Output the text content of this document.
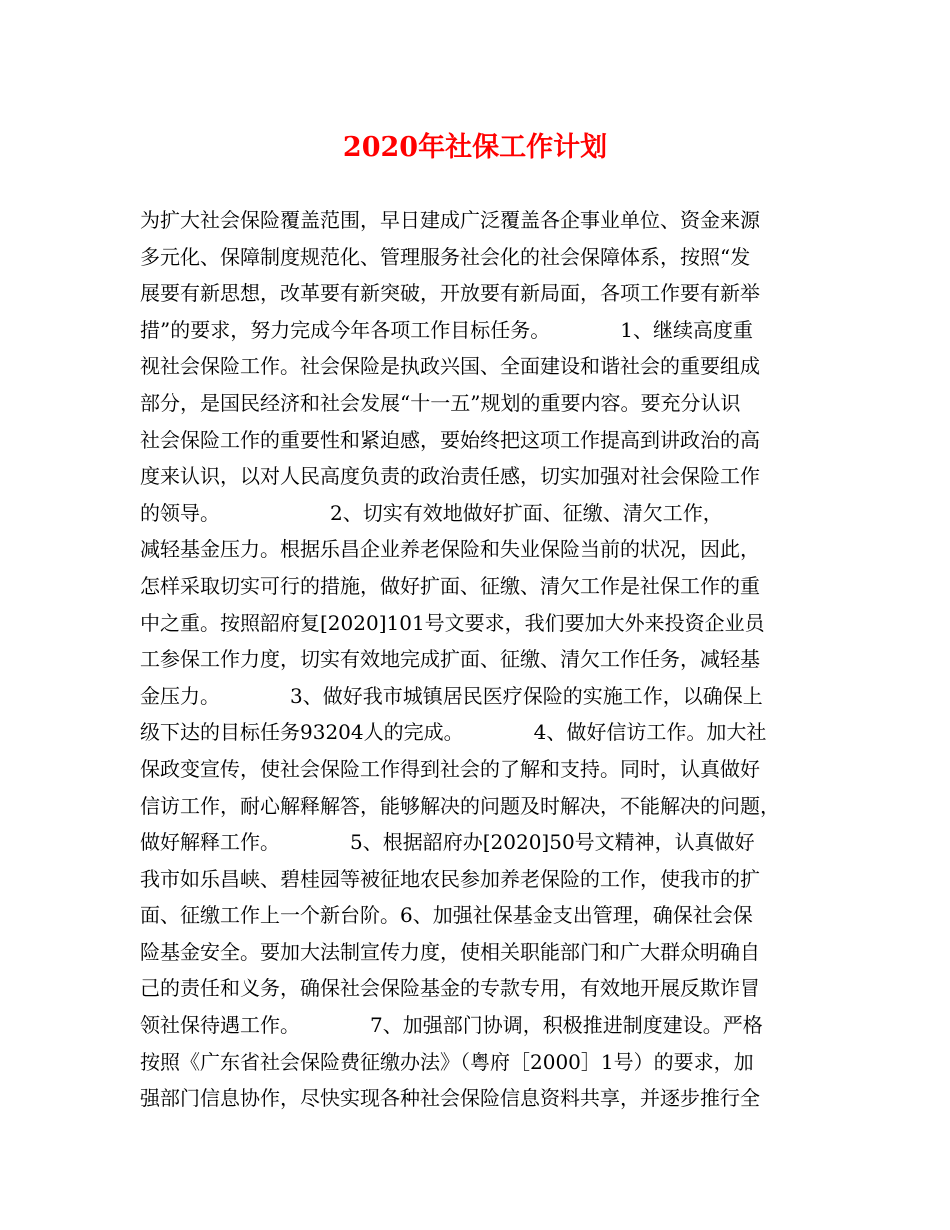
2020年社保工作计划
为扩大社会保险覆盖范围，早日建成广泛覆盖各企事业单位、资金来源
多元化、保障制度规范化、管理服务社会化的社会保障体系，按照“发
展要有新思想，改革要有新突破，开放要有新局面，各项工作要有新举
措”的要求，努力完成今年各项工作目标任务。　　　　1、继续高度重
视社会保险工作。社会保险是执政兴国、全面建设和谐社会的重要组成
部分，是国民经济和社会发展“十一五”规划的重要内容。要充分认识
社会保险工作的重要性和紧迫感，要始终把这项工作提高到讲政治的高
度来认识，以对人民高度负责的政治责任感，切实加强对社会保险工作
的领导。　　　　　　2、切实有效地做好扩面、征缴、清欠工作，
减轻基金压力。根据乐昌企业养老保险和失业保险当前的状况，因此，
怎样采取切实可行的措施，做好扩面、征缴、清欠工作是社保工作的重
中之重。按照韶府复[2020]101号文要求，我们要加大外来投资企业员
工参保工作力度，切实有效地完成扩面、征缴、清欠工作任务，减轻基
金压力。　　　　3、做好我市城镇居民医疗保险的实施工作，以确保上
级下达的目标任务93204人的完成。　　　　4、做好信访工作。加大社
保政变宣传，使社会保险工作得到社会的了解和支持。同时，认真做好
信访工作，耐心解释解答，能够解决的问题及时解决，不能解决的问题，
做好解释工作。　　　　5、根据韶府办[2020]50号文精神，认真做好
我市如乐昌峡、碧桂园等被征地农民参加养老保险的工作，使我市的扩
面、征缴工作上一个新台阶。6、加强社保基金支出管理，确保社会保
险基金安全。要加大法制宣传力度，使相关职能部门和广大群众明确自
己的责任和义务，确保社会保险基金的专款专用，有效地开展反欺诈冒
领社保待遇工作。　　　　7、加强部门协调，积极推进制度建设。严格
按照《广东省社会保险费征缴办法》（粤府［2000］1号）的要求，加
强部门信息协作，尽快实现各种社会保险信息资料共享，并逐步推行全
